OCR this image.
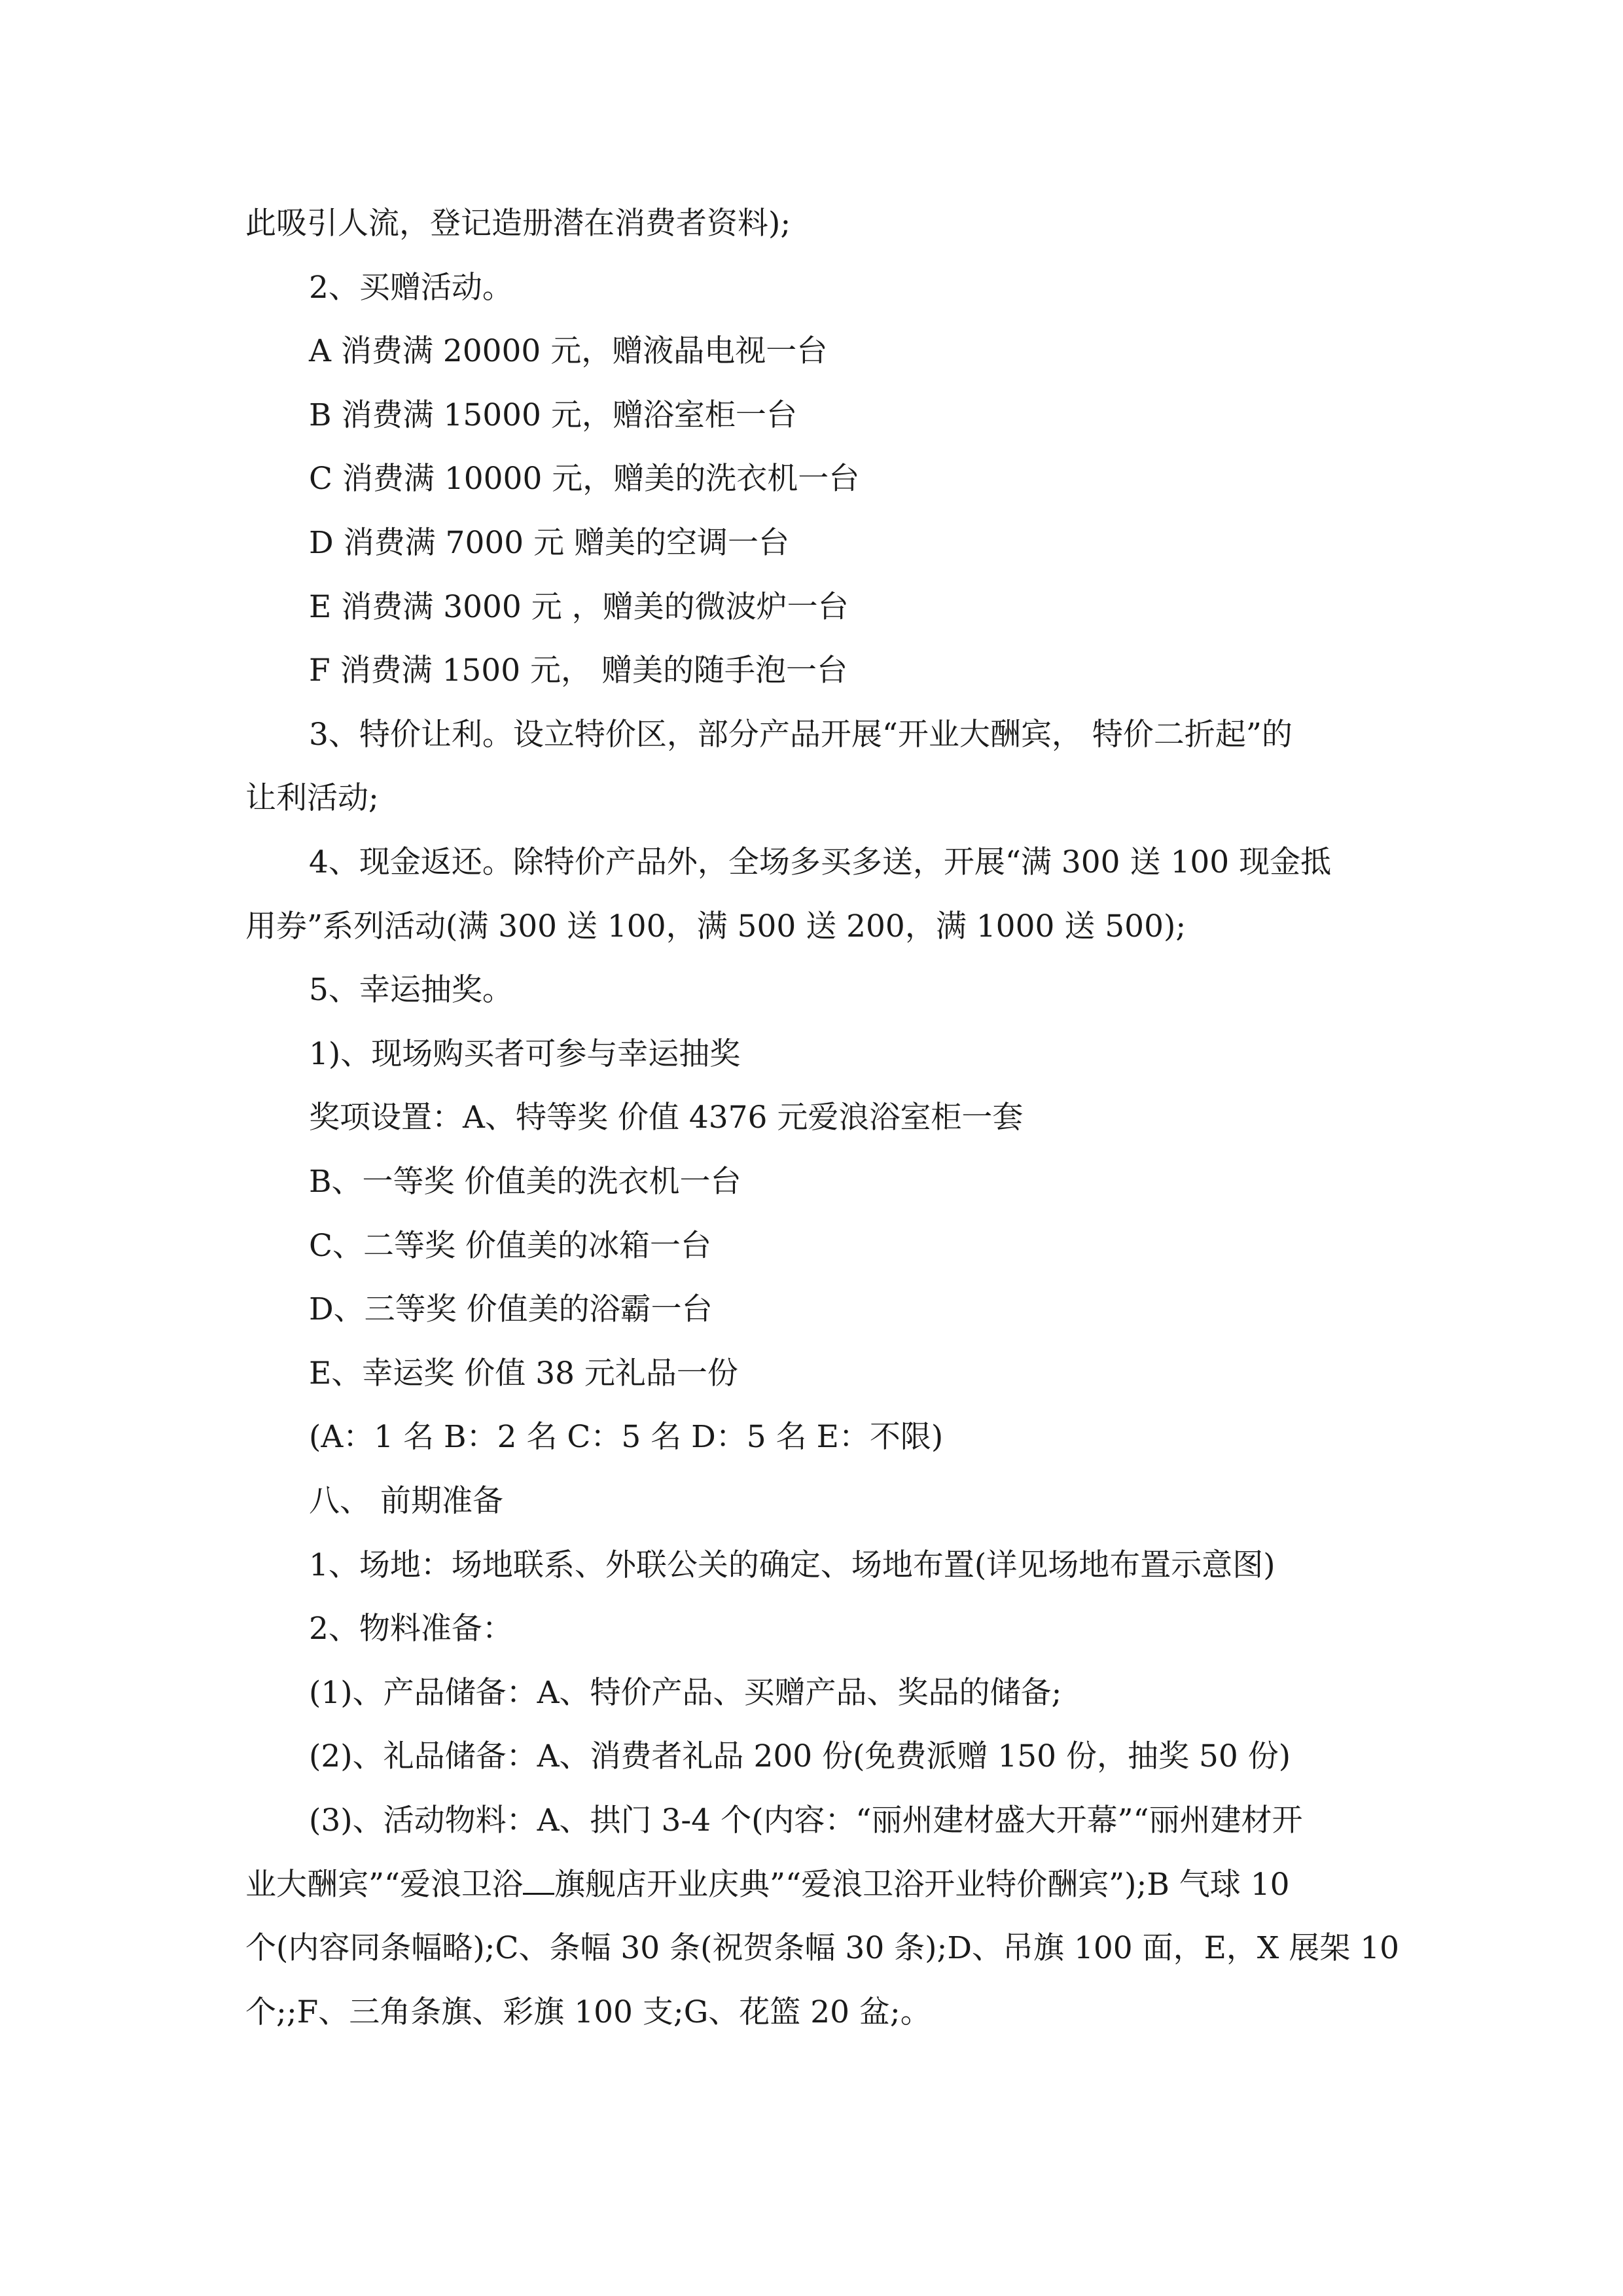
此吸引人流，登记造册潜在消费者资料);
2、买赠活动。
A 消费满 20000 元，赠液晶电视一台
B 消费满 15000 元，赠浴室柜一台
C 消费满 10000 元，赠美的洗衣机一台
D 消费满 7000 元 赠美的空调一台
E 消费满 3000 元 ，赠美的微波炉一台
F 消费满 1500 元， 赠美的随手泡一台
3、特价让利。设立特价区，部分产品开展“开业大酬宾， 特价二折起”的
让利活动;
4、现金返还。除特价产品外，全场多买多送，开展“满 300 送 100 现金抵
用券”系列活动(满 300 送 100，满 500 送 200，满 1000 送 500);
5、幸运抽奖。
1)、现场购买者可参与幸运抽奖
奖项设置：A、特等奖 价值 4376 元爱浪浴室柜一套
B、一等奖 价值美的洗衣机一台
C、二等奖 价值美的冰箱一台
D、三等奖 价值美的浴霸一台
E、幸运奖 价值 38 元礼品一份
(A：1 名 B：2 名 C：5 名 D：5 名 E：不限)
八、 前期准备
1、场地：场地联系、外联公关的确定、场地布置(详见场地布置示意图)
2、物料准备：
(1)、产品储备：A、特价产品、买赠产品、奖品的储备;
(2)、礼品储备：A、消费者礼品 200 份(免费派赠 150 份，抽奖 50 份)
(3)、活动物料：A、拱门 3-4 个(内容：“丽州建材盛大开幕”“丽州建材开
业大酬宾”“爱浪卫浴 旗舰店开业庆典”“爱浪卫浴开业特价酬宾”);B 气球 10
个(内容同条幅略);C、条幅 30 条(祝贺条幅 30 条);D、吊旗 100 面，E，X 展架 10
个;;F、三角条旗、彩旗 100 支;G、花篮 20 盆;。
